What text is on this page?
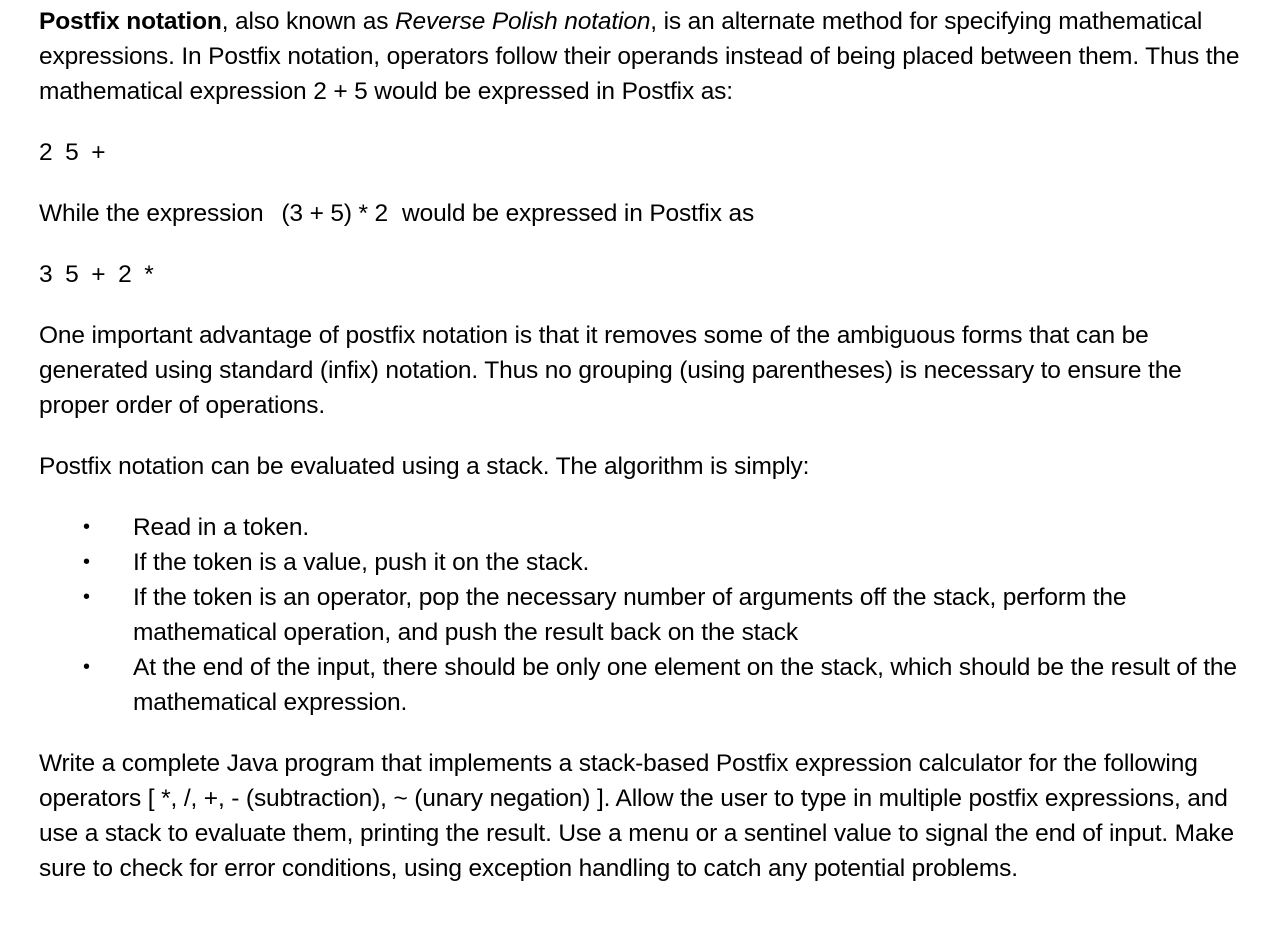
Postfix notation, also known as Reverse Polish notation, is an alternate method for specifying mathematical expressions. In Postfix notation, operators follow their operands instead of being placed between them. Thus the mathematical expression 2 + 5 would be expressed in Postfix as:

2 5 +

While the expression (3 + 5) * 2 would be expressed in Postfix as

3 5 + 2 *

One important advantage of postfix notation is that it removes some of the ambiguous forms that can be generated using standard (infix) notation. Thus no grouping (using parentheses) is necessary to ensure the proper order of operations.

Postfix notation can be evaluated using a stack. The algorithm is simply:

• Read in a token.
• If the token is a value, push it on the stack.
• If the token is an operator, pop the necessary number of arguments off the stack, perform the mathematical operation, and push the result back on the stack
• At the end of the input, there should be only one element on the stack, which should be the result of the mathematical expression.

Write a complete Java program that implements a stack-based Postfix expression calculator for the following operators [ *, /, +, - (subtraction), ~ (unary negation) ]. Allow the user to type in multiple postfix expressions, and use a stack to evaluate them, printing the result. Use a menu or a sentinel value to signal the end of input. Make sure to check for error conditions, using exception handling to catch any potential problems.
